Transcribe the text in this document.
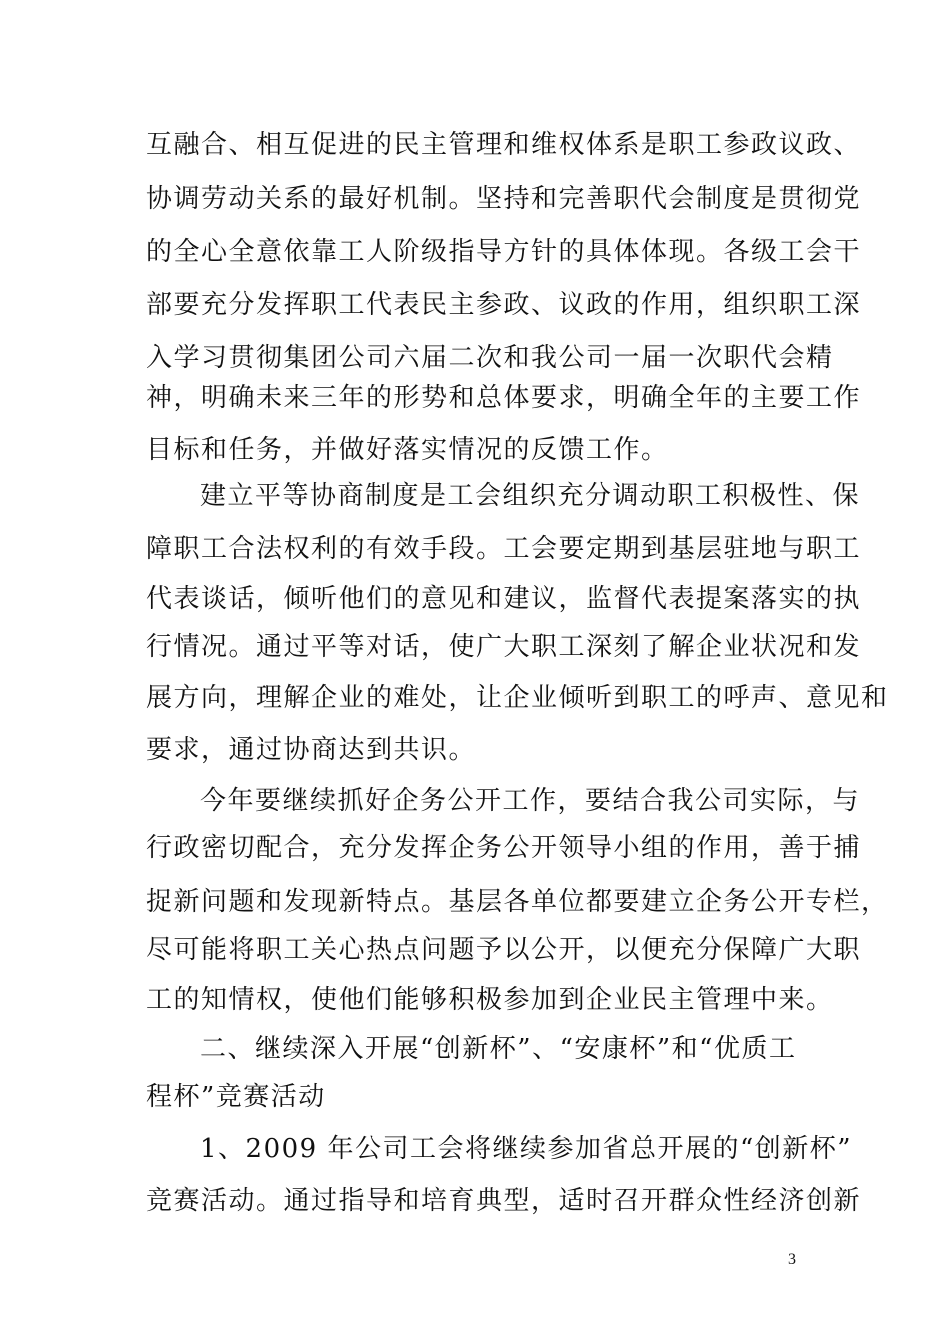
互融合、相互促进的民主管理和维权体系是职工参政议政、
协调劳动关系的最好机制。坚持和完善职代会制度是贯彻党
的全心全意依靠工人阶级指导方针的具体体现。各级工会干
部要充分发挥职工代表民主参政、议政的作用，组织职工深
入学习贯彻集团公司六届二次和我公司一届一次职代会精
神，明确未来三年的形势和总体要求，明确全年的主要工作
目标和任务，并做好落实情况的反馈工作。
建立平等协商制度是工会组织充分调动职工积极性、保
障职工合法权利的有效手段。工会要定期到基层驻地与职工
代表谈话，倾听他们的意见和建议，监督代表提案落实的执
行情况。通过平等对话，使广大职工深刻了解企业状况和发
展方向，理解企业的难处，让企业倾听到职工的呼声、意见和
要求，通过协商达到共识。
今年要继续抓好企务公开工作，要结合我公司实际，与
行政密切配合，充分发挥企务公开领导小组的作用，善于捕
捉新问题和发现新特点。基层各单位都要建立企务公开专栏，
尽可能将职工关心热点问题予以公开，以便充分保障广大职
工的知情权，使他们能够积极参加到企业民主管理中来。
二、继续深入开展“创新杯”、“安康杯”和“优质工
程杯”竞赛活动
1、2009 年公司工会将继续参加省总开展的“创新杯”
竞赛活动。通过指导和培育典型，适时召开群众性经济创新
3
